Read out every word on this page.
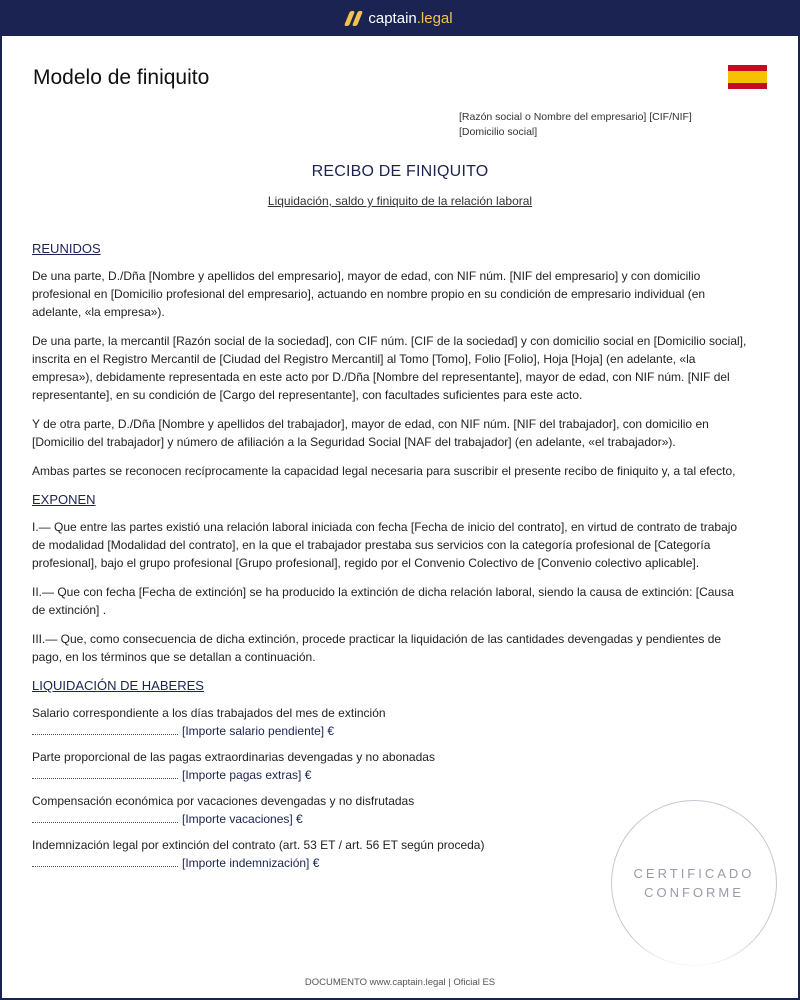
captain.legal
Modelo de finiquito
[Razón social o Nombre del empresario] [CIF/NIF]
[Domicilio social]
RECIBO DE FINIQUITO
Liquidación, saldo y finiquito de la relación laboral
REUNIDOS

De una parte, D./Dña [Nombre y apellidos del empresario], mayor de edad, con NIF núm. [NIF del empresario] y con domicilio profesional en [Domicilio profesional del empresario], actuando en nombre propio en su condición de empresario individual (en adelante, «la empresa»).

De una parte, la mercantil [Razón social de la sociedad], con CIF núm. [CIF de la sociedad] y con domicilio social en [Domicilio social], inscrita en el Registro Mercantil de [Ciudad del Registro Mercantil] al Tomo [Tomo], Folio [Folio], Hoja [Hoja] (en adelante, «la empresa»), debidamente representada en este acto por D./Dña [Nombre del representante], mayor de edad, con NIF núm. [NIF del representante], en su condición de [Cargo del representante], con facultades suficientes para este acto.

Y de otra parte, D./Dña [Nombre y apellidos del trabajador], mayor de edad, con NIF núm. [NIF del trabajador], con domicilio en [Domicilio del trabajador] y número de afiliación a la Seguridad Social [NAF del trabajador] (en adelante, «el trabajador»).

Ambas partes se reconocen recíprocamente la capacidad legal necesaria para suscribir el presente recibo de finiquito y, a tal efecto,

EXPONEN

I.— Que entre las partes existió una relación laboral iniciada con fecha [Fecha de inicio del contrato], en virtud de contrato de trabajo de modalidad [Modalidad del contrato], en la que el trabajador prestaba sus servicios con la categoría profesional de [Categoría profesional], bajo el grupo profesional [Grupo profesional], regido por el Convenio Colectivo de [Convenio colectivo aplicable].

II.— Que con fecha [Fecha de extinción] se ha producido la extinción de dicha relación laboral, siendo la causa de extinción: [Causa de extinción] .

III.— Que, como consecuencia de dicha extinción, procede practicar la liquidación de las cantidades devengadas y pendientes de pago, en los términos que se detallan a continuación.

LIQUIDACIÓN DE HABERES
Salario correspondiente a los días trabajados del mes de extinción
[Importe salario pendiente] €
Parte proporcional de las pagas extraordinarias devengadas y no abonadas
[Importe pagas extras] €
Compensación económica por vacaciones devengadas y no disfrutadas
[Importe vacaciones] €
Indemnización legal por extinción del contrato (art. 53 ET / art. 56 ET según proceda)
[Importe indemnización] €
CERTIFICADO
CONFORME
DOCUMENTO www.captain.legal | Oficial ES
